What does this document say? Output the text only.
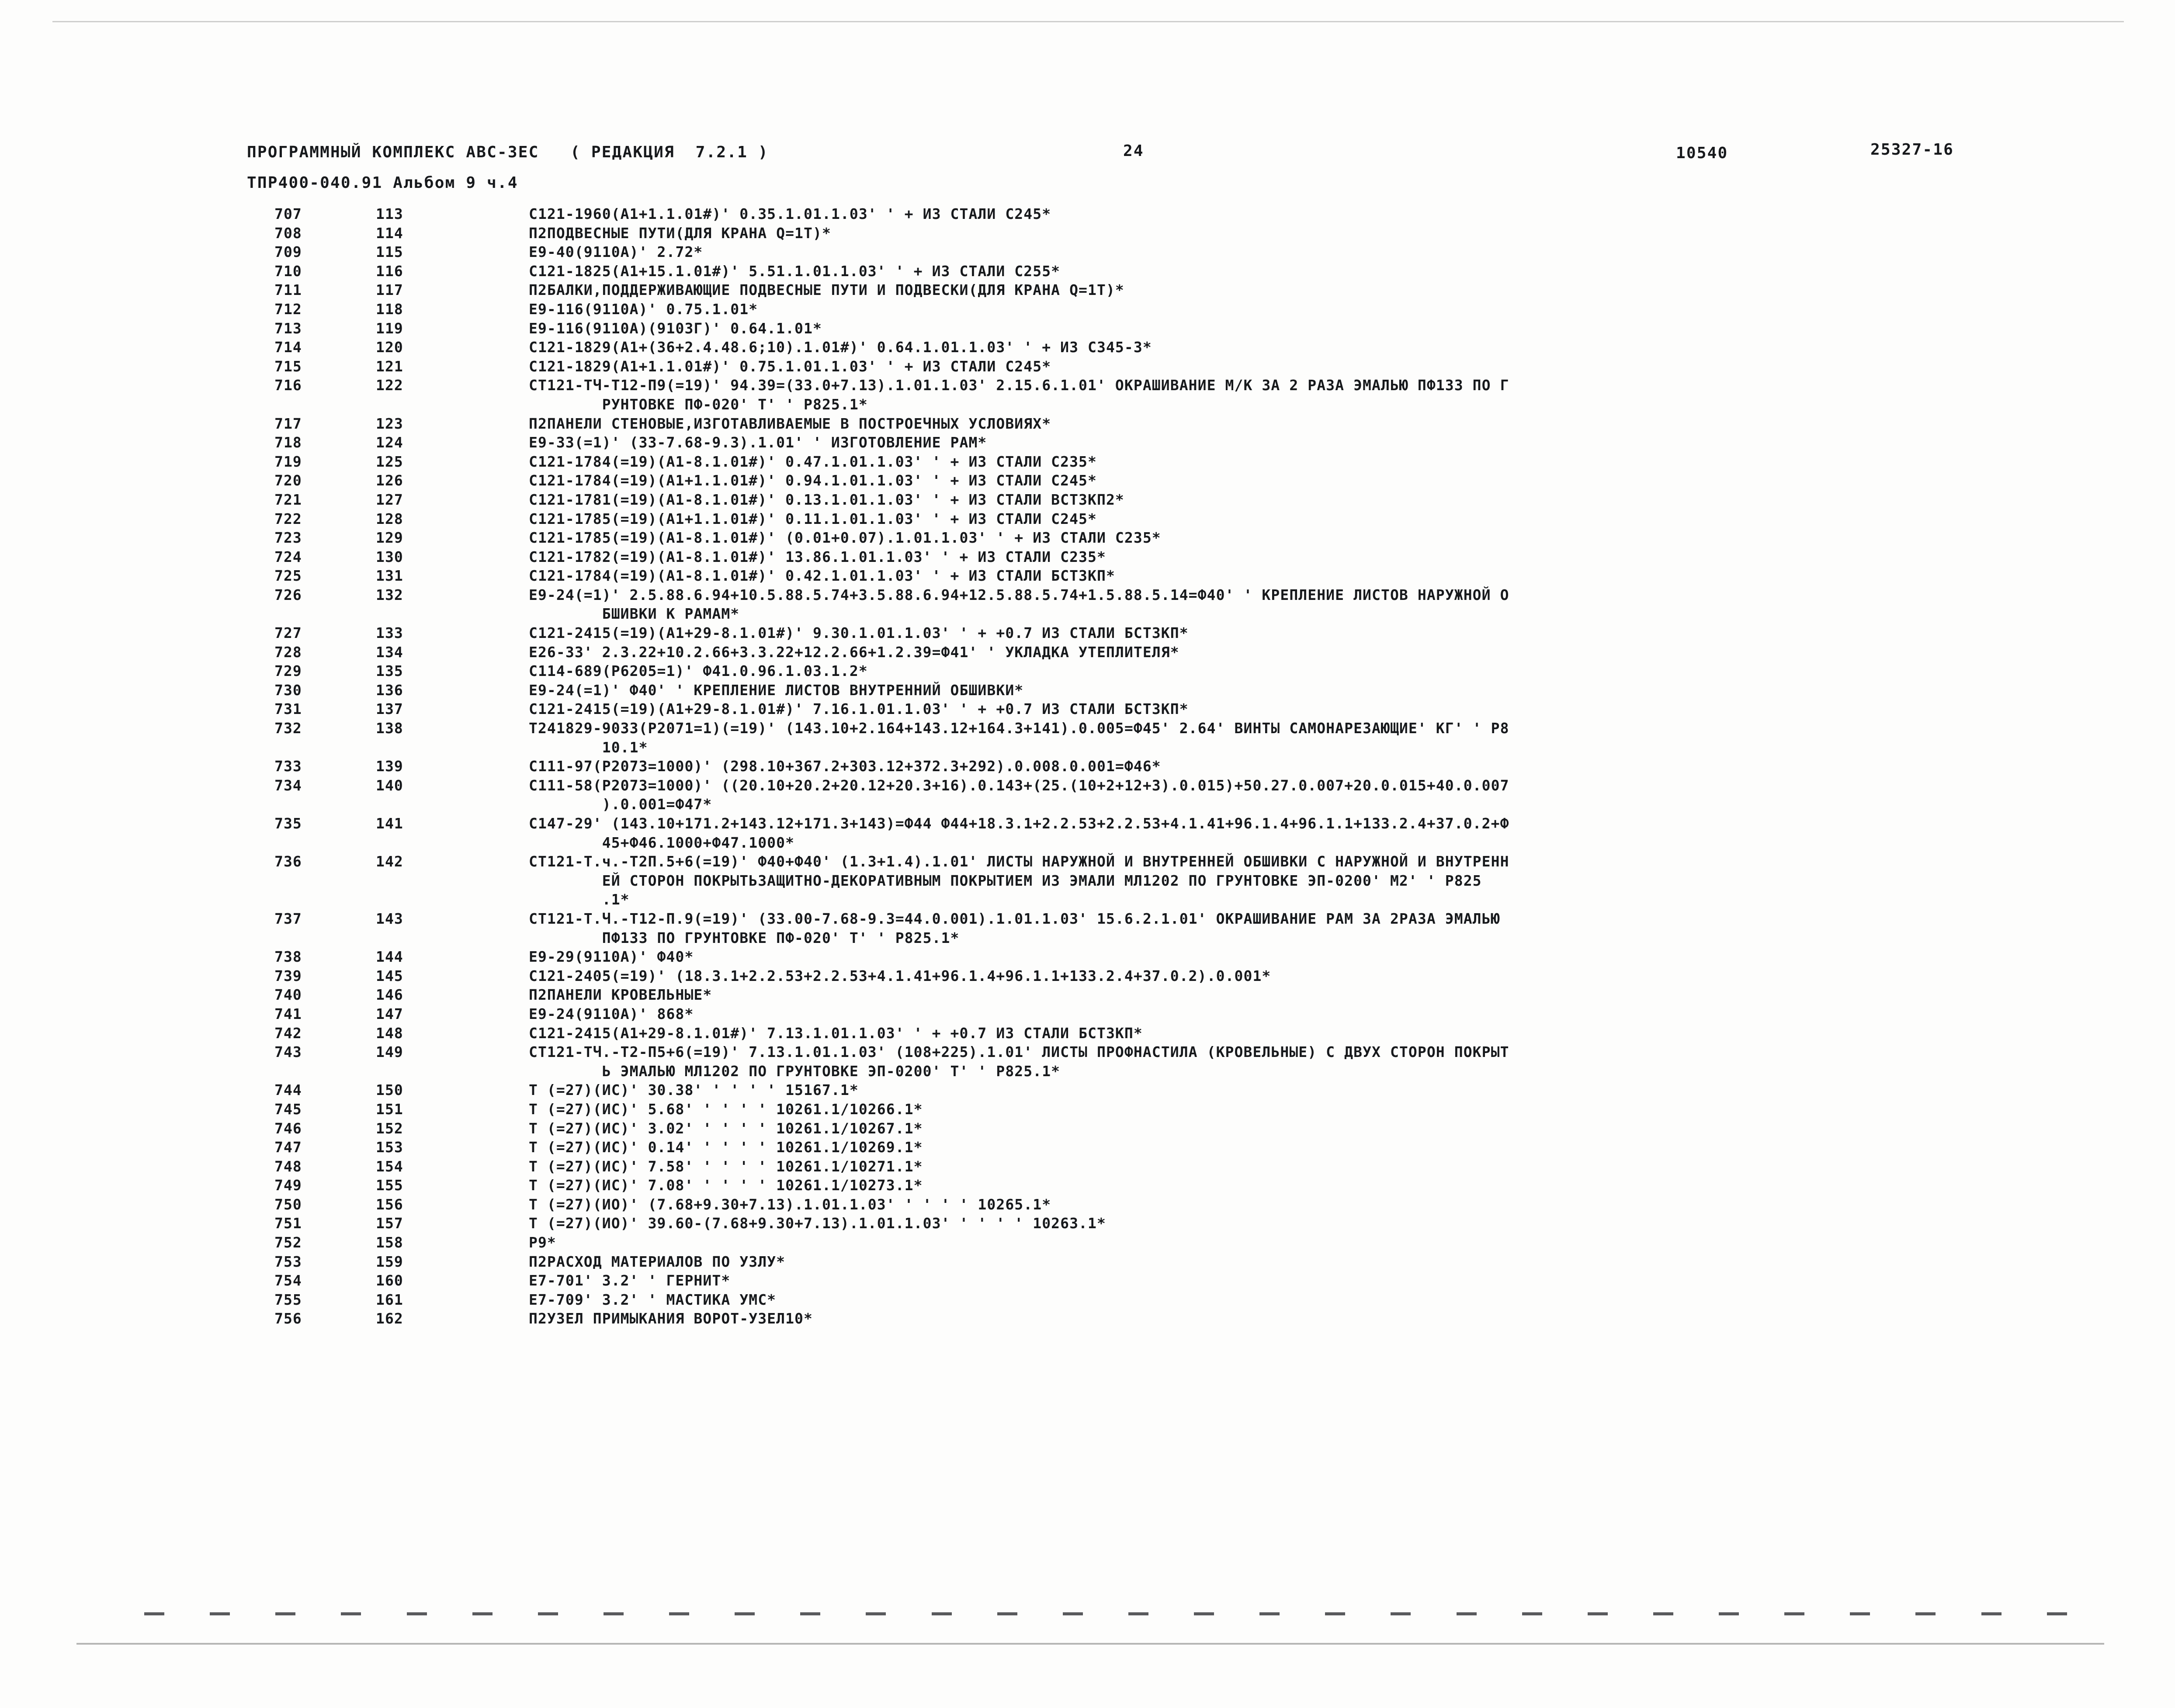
ПРОГРАММНЫЙ КОМПЛЕКС АВС-3ЕС   ( РЕДАКЦИЯ  7.2.1 )	24	10540	25327-16
ТПР400-040.91 Альбом 9 ч.4
707	113	С121-1960(А1+1.1.01#)' 0.35.1.01.1.03' ' + ИЗ СТАЛИ С245*
708	114	П2ПОДВЕСНЫЕ ПУТИ(ДЛЯ КРАНА Q=1Т)*
709	115	Е9-40(9110А)' 2.72*
710	116	С121-1825(А1+15.1.01#)' 5.51.1.01.1.03' ' + ИЗ СТАЛИ С255*
711	117	П2БАЛКИ,ПОДДЕРЖИВАЮЩИЕ ПОДВЕСНЫЕ ПУТИ И ПОДВЕСКИ(ДЛЯ КРАНА Q=1Т)*
712	118	Е9-116(9110А)' 0.75.1.01*
713	119	Е9-116(9110А)(9103Г)' 0.64.1.01*
714	120	С121-1829(А1+(36+2.4.48.6;10).1.01#)' 0.64.1.01.1.03' ' + ИЗ С345-3*
715	121	С121-1829(А1+1.1.01#)' 0.75.1.01.1.03' ' + ИЗ СТАЛИ С245*
716	122	СТ121-ТЧ-Т12-П9(=19)' 94.39=(33.0+7.13).1.01.1.03' 2.15.6.1.01' ОКРАШИВАНИЕ М/К ЗА 2 РАЗА ЭМАЛЬЮ ПФ133 ПО Г
РУНТОВКЕ ПФ-020' Т' ' Р825.1*
717	123	П2ПАНЕЛИ СТЕНОВЫЕ,ИЗГОТАВЛИВАЕМЫЕ В ПОСТРОЕЧНЫХ УСЛОВИЯХ*
718	124	Е9-33(=1)' (33-7.68-9.3).1.01' ' ИЗГОТОВЛЕНИЕ РАМ*
719	125	С121-1784(=19)(А1-8.1.01#)' 0.47.1.01.1.03' ' + ИЗ СТАЛИ С235*
720	126	С121-1784(=19)(А1+1.1.01#)' 0.94.1.01.1.03' ' + ИЗ СТАЛИ С245*
721	127	С121-1781(=19)(А1-8.1.01#)' 0.13.1.01.1.03' ' + ИЗ СТАЛИ ВСТ3КП2*
722	128	С121-1785(=19)(А1+1.1.01#)' 0.11.1.01.1.03' ' + ИЗ СТАЛИ С245*
723	129	С121-1785(=19)(А1-8.1.01#)' (0.01+0.07).1.01.1.03' ' + ИЗ СТАЛИ С235*
724	130	С121-1782(=19)(А1-8.1.01#)' 13.86.1.01.1.03' ' + ИЗ СТАЛИ С235*
725	131	С121-1784(=19)(А1-8.1.01#)' 0.42.1.01.1.03' ' + ИЗ СТАЛИ БСТ3КП*
726	132	Е9-24(=1)' 2.5.88.6.94+10.5.88.5.74+3.5.88.6.94+12.5.88.5.74+1.5.88.5.14=Ф40' ' КРЕПЛЕНИЕ ЛИСТОВ НАРУЖНОЙ О
БШИВКИ К РАМАМ*
727	133	С121-2415(=19)(А1+29-8.1.01#)' 9.30.1.01.1.03' ' + +0.7 ИЗ СТАЛИ БСТ3КП*
728	134	Е26-33' 2.3.22+10.2.66+3.3.22+12.2.66+1.2.39=Ф41' ' УКЛАДКА УТЕПЛИТЕЛЯ*
729	135	С114-689(Р6205=1)' Ф41.0.96.1.03.1.2*
730	136	Е9-24(=1)' Ф40' ' КРЕПЛЕНИЕ ЛИСТОВ ВНУТРЕННИЙ ОБШИВКИ*
731	137	С121-2415(=19)(А1+29-8.1.01#)' 7.16.1.01.1.03' ' + +0.7 ИЗ СТАЛИ БСТ3КП*
732	138	Т241829-9033(Р2071=1)(=19)' (143.10+2.164+143.12+164.3+141).0.005=Ф45' 2.64' ВИНТЫ САМОНАРЕЗАЮЩИЕ' КГ' ' Р8
10.1*
733	139	С111-97(Р2073=1000)' (298.10+367.2+303.12+372.3+292).0.008.0.001=Ф46*
734	140	С111-58(Р2073=1000)' ((20.10+20.2+20.12+20.3+16).0.143+(25.(10+2+12+3).0.015)+50.27.0.007+20.0.015+40.0.007
).0.001=Ф47*
735	141	С147-29' (143.10+171.2+143.12+171.3+143)=Ф44 Ф44+18.3.1+2.2.53+2.2.53+4.1.41+96.1.4+96.1.1+133.2.4+37.0.2+Ф
45+Ф46.1000+Ф47.1000*
736	142	СТ121-Т.ч.-Т2П.5+6(=19)' Ф40+Ф40' (1.3+1.4).1.01' ЛИСТЫ НАРУЖНОЙ И ВНУТРЕННЕЙ ОБШИВКИ С НАРУЖНОЙ И ВНУТРЕНН
ЕЙ СТОРОН ПОКРЫТЬЗАЩИТНО-ДЕКОРАТИВНЫМ ПОКРЫТИЕМ ИЗ ЭМАЛИ МЛ1202 ПО ГРУНТОВКЕ ЭП-0200' М2' ' Р825
.1*
737	143	СТ121-Т.Ч.-Т12-П.9(=19)' (33.00-7.68-9.3=44.0.001).1.01.1.03' 15.6.2.1.01' ОКРАШИВАНИЕ РАМ ЗА 2РАЗА ЭМАЛЬЮ
ПФ133 ПО ГРУНТОВКЕ ПФ-020' Т' ' Р825.1*
738	144	Е9-29(9110А)' Ф40*
739	145	С121-2405(=19)' (18.3.1+2.2.53+2.2.53+4.1.41+96.1.4+96.1.1+133.2.4+37.0.2).0.001*
740	146	П2ПАНЕЛИ КРОВЕЛЬНЫЕ*
741	147	Е9-24(9110А)' 868*
742	148	С121-2415(А1+29-8.1.01#)' 7.13.1.01.1.03' ' + +0.7 ИЗ СТАЛИ БСТ3КП*
743	149	СТ121-ТЧ.-Т2-П5+6(=19)' 7.13.1.01.1.03' (108+225).1.01' ЛИСТЫ ПРОФНАСТИЛА (КРОВЕЛЬНЫЕ) С ДВУХ СТОРОН ПОКРЫТ
Ь ЭМАЛЬЮ МЛ1202 ПО ГРУНТОВКЕ ЭП-0200' Т' ' Р825.1*
744	150	Т (=27)(ИС)' 30.38' ' ' ' ' 15167.1*
745	151	Т (=27)(ИС)' 5.68' ' ' ' ' 10261.1/10266.1*
746	152	Т (=27)(ИС)' 3.02' ' ' ' ' 10261.1/10267.1*
747	153	Т (=27)(ИС)' 0.14' ' ' ' ' 10261.1/10269.1*
748	154	Т (=27)(ИС)' 7.58' ' ' ' ' 10261.1/10271.1*
749	155	Т (=27)(ИС)' 7.08' ' ' ' ' 10261.1/10273.1*
750	156	Т (=27)(ИО)' (7.68+9.30+7.13).1.01.1.03' ' ' ' ' 10265.1*
751	157	Т (=27)(ИО)' 39.60-(7.68+9.30+7.13).1.01.1.03' ' ' ' ' 10263.1*
752	158	Р9*
753	159	П2РАСХОД МАТЕРИАЛОВ ПО УЗЛУ*
754	160	Е7-701' 3.2' ' ГЕРНИТ*
755	161	Е7-709' 3.2' ' МАСТИКА УМС*
756	162	П2УЗЕЛ ПРИМЫКАНИЯ ВОРОТ-УЗЕЛ10*
